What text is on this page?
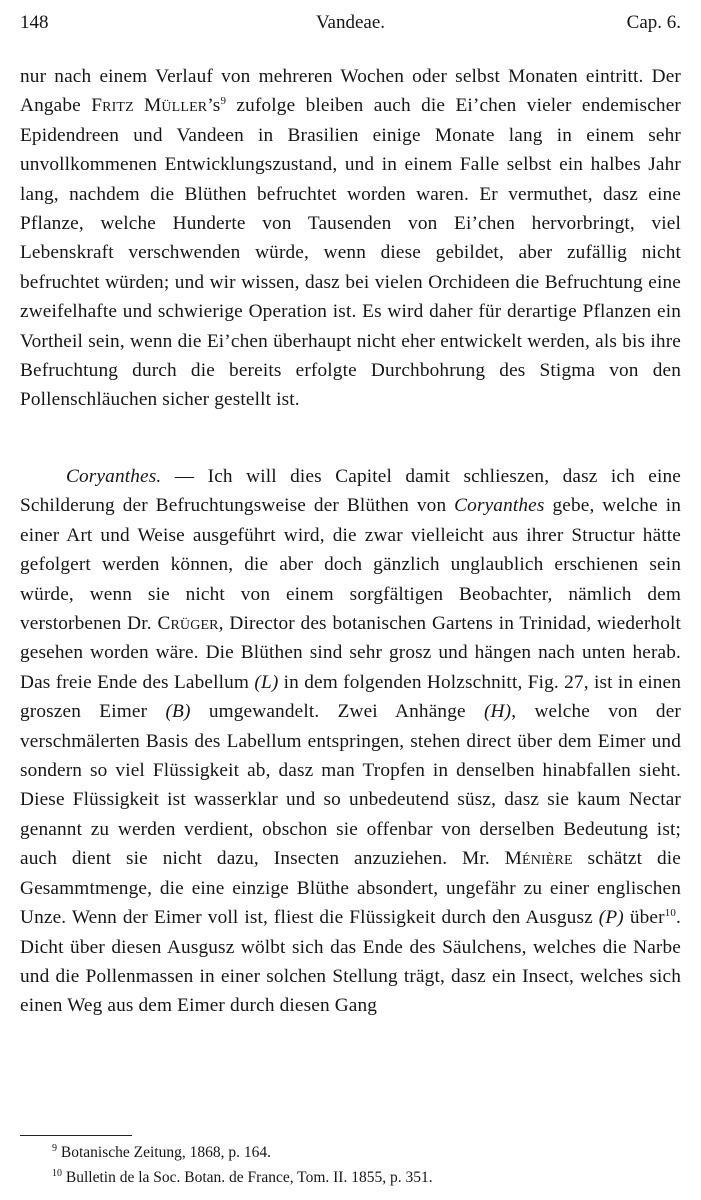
148	Vandeae.	Cap. 6.

nur nach einem Verlauf von mehreren Wochen oder selbst Monaten eintritt. Der Angabe Fritz $Müller’s^9$ zufolge bleiben auch die Ei’chen vieler endemischer Epidendreen und Vandeen in Brasilien einige Monate lang in einem sehr unvollkommenen Entwicklungszustand, und in einem Falle selbst ein halbes Jahr lang, nachdem die Blüthen befruchtet worden waren. Er vermuthet, dasz eine Pflanze, welche Hunderte von Tausenden von Ei’chen hervorbringt, viel Lebenskraft verschwenden würde, wenn diese gebildet, aber zufällig nicht befruchtet würden; und wir wissen, dasz bei vielen Orchideen die Befruchtung eine zweifelhafte und schwierige Operation ist. Es wird daher für derartige Pflanzen ein Vortheil sein, wenn die Ei’chen überhaupt nicht eher entwickelt werden, als bis ihre Befruchtung durch die bereits erfolgte Durchbohrung des Stigma von den Pollenschläuchen sicher gestellt ist.

Coryanthes. — Ich will dies Capitel damit schlieszen, dasz ich eine Schilderung der Befruchtungsweise der Blüthen von Coryanthes gebe, welche in einer Art und Weise ausgeführt wird, die zwar vielleicht aus ihrer Structur hätte gefolgert werden können, die aber doch gänzlich unglaublich erschienen sein würde, wenn sie nicht von einem sorgfältigen Beobachter, nämlich dem verstorbenen Dr. Crüger, Director des botanischen Gartens in Trinidad, wiederholt gesehen worden wäre. Die Blüthen sind sehr grosz und hängen nach unten herab. Das freie Ende des Labellum (L) in dem folgenden Holzschnitt, Fig. 27, ist in einen groszen Eimer (B) umgewandelt. Zwei Anhänge (H), welche von der verschmälerten Basis des Labellum entspringen, stehen direct über dem Eimer und sondern so viel Flüssigkeit ab, dasz man Tropfen in denselben hinabfallen sieht. Diese Flüssigkeit ist wasserklar und so unbedeutend süsz, dasz sie kaum Nectar genannt zu werden verdient, obschon sie offenbar von derselben Bedeutung ist; auch dient sie nicht dazu, Insecten anzuziehen. Mr. Ménière schätzt die Gesammtmenge, die eine einzige Blüthe absondert, ungefähr zu einer englischen Unze. Wenn der Eimer voll ist, fliest die Flüssigkeit durch den Ausgusz (P) über$^{10}$. Dicht über diesen Ausgusz wölbt sich das Ende des Säulchens, welches die Narbe und die Pollenmassen in einer solchen Stellung trägt, dasz ein Insect, welches sich einen Weg aus dem Eimer durch diesen Gang

$^9$ Botanische Zeitung, 1868, p. 164.
$^{10}$ Bulletin de la Soc. Botan. de France, Tom. II. 1855, p. 351.
